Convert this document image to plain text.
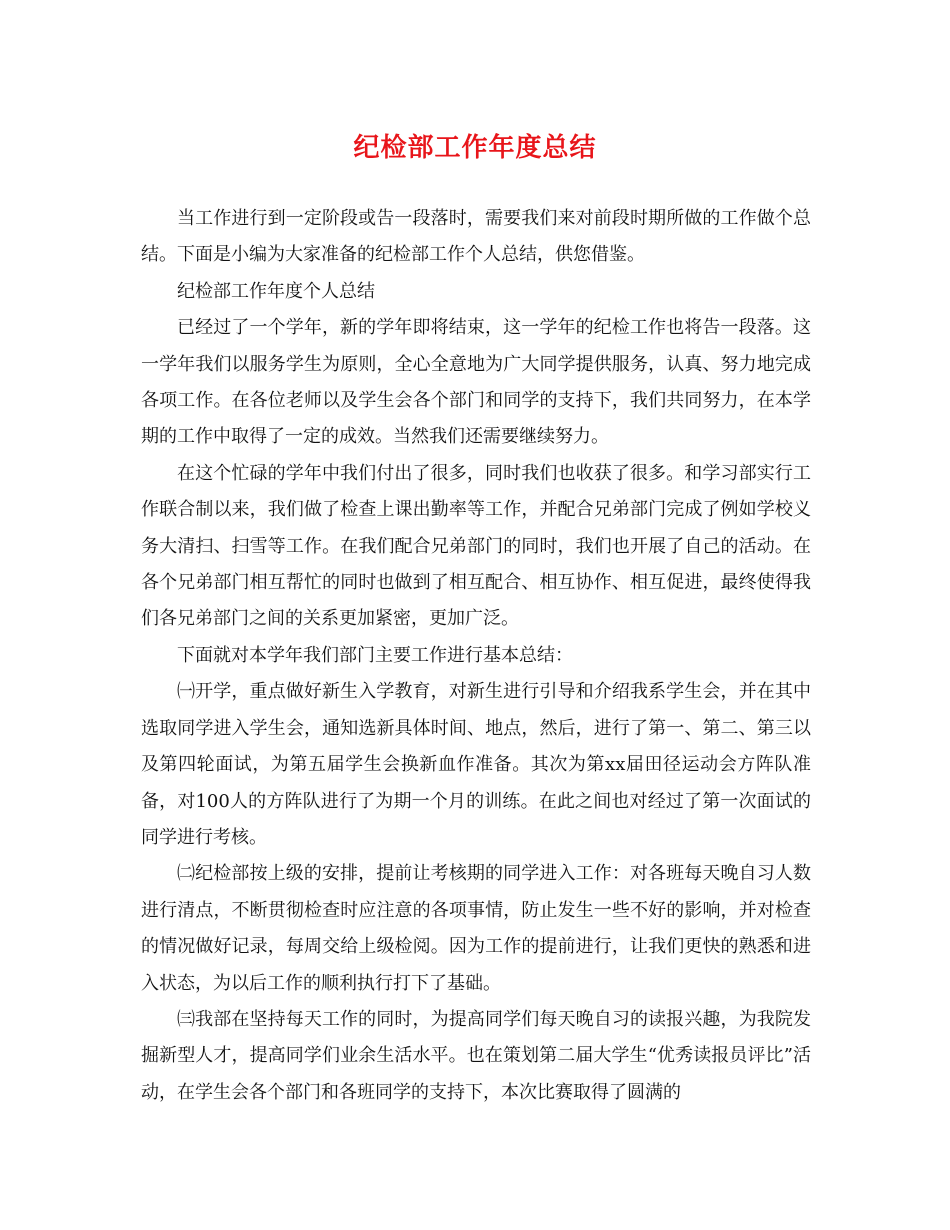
纪检部工作年度总结

当工作进行到一定阶段或告一段落时，需要我们来对前段时期所做的工作做个总结。下面是小编为大家准备的纪检部工作个人总结，供您借鉴。

纪检部工作年度个人总结

已经过了一个学年，新的学年即将结束，这一学年的纪检工作也将告一段落。这一学年我们以服务学生为原则，全心全意地为广大同学提供服务，认真、努力地完成各项工作。在各位老师以及学生会各个部门和同学的支持下，我们共同努力，在本学期的工作中取得了一定的成效。当然我们还需要继续努力。

在这个忙碌的学年中我们付出了很多，同时我们也收获了很多。和学习部实行工作联合制以来，我们做了检查上课出勤率等工作，并配合兄弟部门完成了例如学校义务大清扫、扫雪等工作。在我们配合兄弟部门的同时，我们也开展了自己的活动。在各个兄弟部门相互帮忙的同时也做到了相互配合、相互协作、相互促进，最终使得我们各兄弟部门之间的关系更加紧密，更加广泛。

下面就对本学年我们部门主要工作进行基本总结：

㈠开学，重点做好新生入学教育，对新生进行引导和介绍我系学生会，并在其中选取同学进入学生会，通知选新具体时间、地点，然后，进行了第一、第二、第三以及第四轮面试，为第五届学生会换新血作准备。其次为第xx届田径运动会方阵队准备，对100人的方阵队进行了为期一个月的训练。在此之间也对经过了第一次面试的同学进行考核。

㈡纪检部按上级的安排，提前让考核期的同学进入工作：对各班每天晚自习人数进行清点，不断贯彻检查时应注意的各项事情，防止发生一些不好的影响，并对检查的情况做好记录，每周交给上级检阅。因为工作的提前进行，让我们更快的熟悉和进入状态，为以后工作的顺利执行打下了基础。

㈢我部在坚持每天工作的同时，为提高同学们每天晚自习的读报兴趣，为我院发掘新型人才，提高同学们业余生活水平。也在策划第二届大学生“优秀读报员评比”活动，在学生会各个部门和各班同学的支持下，本次比赛取得了圆满的
